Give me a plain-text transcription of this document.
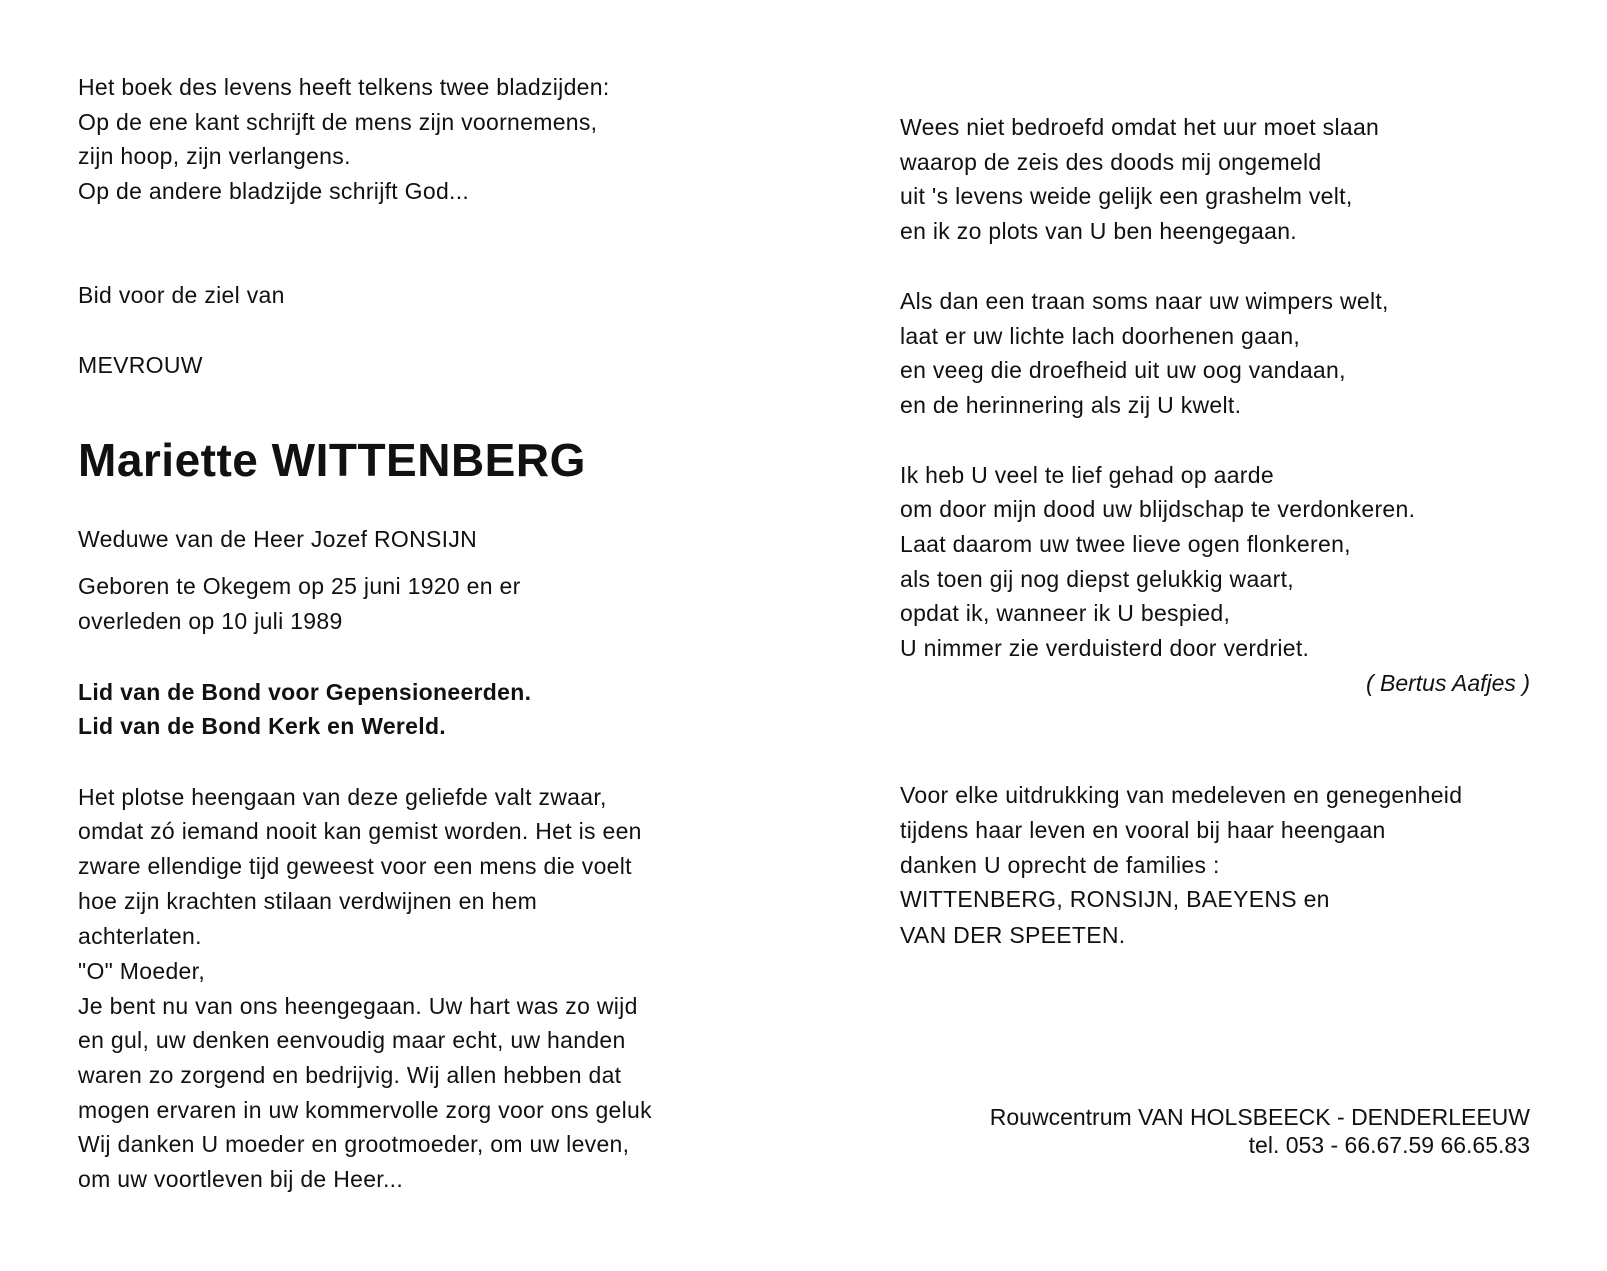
Het boek des levens heeft telkens twee bladzijden:
Op de ene kant schrijft de mens zijn voornemens,
zijn hoop, zijn verlangens.
Op de andere bladzijde schrijft God...
Bid voor de ziel van
MEVROUW
Mariette WITTENBERG
Weduwe van de Heer Jozef RONSIJN
Geboren te Okegem op 25 juni 1920 en er
overleden op 10 juli 1989
Lid van de Bond voor Gepensioneerden.
Lid van de Bond Kerk en Wereld.
Het plotse heengaan van deze geliefde valt zwaar,
omdat zó iemand nooit kan gemist worden. Het is een
zware ellendige tijd geweest voor een mens die voelt
hoe zijn krachten stilaan verdwijnen en hem
achterlaten.
"O" Moeder,
Je bent nu van ons heengegaan. Uw hart was zo wijd
en gul, uw denken eenvoudig maar echt, uw handen
waren zo zorgend en bedrijvig. Wij allen hebben dat
mogen ervaren in uw kommervolle zorg voor ons geluk
Wij danken U moeder en grootmoeder, om uw leven,
om uw voortleven bij de Heer...
Wees niet bedroefd omdat het uur moet slaan
waarop de zeis des doods mij ongemeld
uit 's levens weide gelijk een grashelm velt,
en ik zo plots van U ben heengegaan.
Als dan een traan soms naar uw wimpers welt,
laat er uw lichte lach doorhenen gaan,
en veeg die droefheid uit uw oog vandaan,
en de herinnering als zij U kwelt.
Ik heb U veel te lief gehad op aarde
om door mijn dood uw blijdschap te verdonkeren.
Laat daarom uw twee lieve ogen flonkeren,
als toen gij nog diepst gelukkig waart,
opdat ik, wanneer ik U bespied,
U nimmer zie verduisterd door verdriet.
( Bertus Aafjes )
Voor elke uitdrukking van medeleven en genegenheid
tijdens haar leven en vooral bij haar heengaan
danken U oprecht de families :
WITTENBERG, RONSIJN, BAEYENS en
VAN DER SPEETEN.
Rouwcentrum VAN HOLSBEECK - DENDERLEEUW
tel. 053 - 66.67.59 66.65.83
